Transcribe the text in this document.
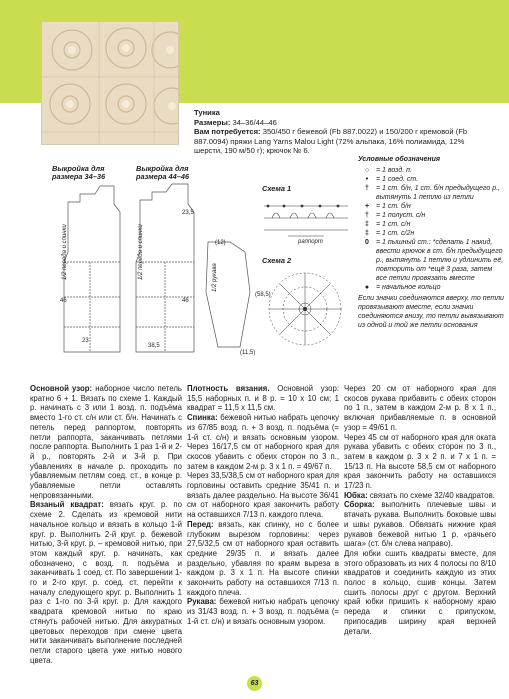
Туника
Размеры: 34–36/44–46
Вам потребуется: 350/450 г бежевой (Fb 887.0022) и 150/200 г кремовой (Fb 887.0094) пряжи Lang Yarns Malou Light (72% альпака, 16% полиамида, 12% шерсти, 190 м/50 г); крючок № 6.
Выкройка для размера 34–36
Выкройка для размера 44–46
1/2 переда и спинки	1/2 переда и спинки	1/2 рукава
23
38,5
46
23,5
46
(58,5)
(12)
(11,5)
Схема 1
раппорт
Схема 2
Условные обозначения
○ = 1 возд. п.
•	= 1 соед. ст.
†	= 1 ст. б/н, 1 ст. б/н предыдущего р., вытянуть 1 петлю из петли
+ = 1 ст. б/н
†	= 1 полуст. с/н
‡	= 1 ст. с/н
‡	= 1 ст. с/2н
0	= 1 пышный ст.: *сделать 1 накид, ввести крючок в ст. б/н предыдущего р., вытянуть 1 петлю и удлинить её, повторить от *ещё 3 раза, затем все петли провязать вместе
● = начальное кольцо
Если значки соединяются вверху, то петли провязывают вместе, если значки соединяются внизу, то петли вывязывают из одной и той же петли основания

Основной узор: наборное число петель кратно 6 + 1. Вязать по схеме 1. Каждый р. начинать с 3 или 1 возд. п. подъёма вместо 1-го ст. с/н или ст. б/н. Начинать с петель перед раппортом, повторять петли раппорта, заканчивать петлями после раппорта. Выполнить 1 раз 1-й и 2-й р., повторять 2-й и 3-й р. При убавлениях в начале р. проходить по убавляемым петлям соед. ст., в конце р. убавляемые петли оставлять непровязанными.

Вязаный квадрат: вязать круг. р. по схеме 2. Сделать из кремовой нити начальное кольцо и вязать в кольцо 1-й круг. р. Выполнить 2-й круг. р. бежевой нитью, 3-й круг. р. – кремовой нитью, при этом каждый круг. р. начинать, как обозначено, с возд. п. подъёма и заканчивать 1 соед. ст. По завершении 1-го и 2-го круг. р. соед. ст. перейти к началу следующего круг. р. Выполнить 1 раз с 1-го по 3-й круг. р. Для каждого квадрата кремовой нитью по краю стянуть рабочей нитью. Для аккуратных цветовых переходов при смене цвета нити заканчивать выполнение последней петли старого цвета уже нитью нового цвета.

Плотность вязания. Основной узор: 15,5 наборных п. и 8 р. = 10 х 10 см; 1 квадрат = 11,5 х 11,5 см.

Спинка: бежевой нитью набрать цепочку из 67/85 возд. п. + 3 возд. п. подъёма (= 1-й ст. с/н) и вязать основным узором. Через 16/17,5 см от наборного края для скосов убавить с обеих сторон по 3 п., затем в каждом 2-м р. 3 х 1 п. = 49/67 п.

Через 33,5/38,5 см от наборного края для горловины оставить средние 35/41 п. и вязать далее раздельно. На высоте 36/41 см от наборного края закончить работу на оставшихся 7/13 п. каждого плеча.

Перед: вязать, как спинку, но с более глубоким вырезом горловины: через 27,5/32,5 см от наборного края оставить средние 29/35 п. и вязать далее раздельно, убавляя по краям выреза в каждом р. 3 х 1 п. На высоте спинки закончить работу на оставшихся 7/13 п. каждого плеча.

Рукава: бежевой нитью набрать цепочку из 31/43 возд. п. + 3 возд. п. подъёма (= 1-й ст. с/н) и вязать основным узором.

Через 20 см от наборного края для скосов рукава прибавить с обеих сторон по 1 п., затем в каждом 2-м р. 8 х 1 п., включая прибавляемые п. в основной узор = 49/61 п.

Через 45 см от наборного края для оката рукава убавить с обеих сторон по 3 п., затем в каждом р. 3 х 2 п. и 7 х 1 п. = 15/13 п. На высоте 58,5 см от наборного края закончить работу на оставшихся 17/23 п.

Юбка: связать по схеме 32/40 квадратов.

Сборка: выполнить плечевые швы и втачать рукава. Выполнить боковые швы и швы рукавов. Обвязать нижние края рукавов бежевой нитью 1 р. «рачьего шага» (ст. б/н слева направо).

Для юбки сшить квадраты вместе, для этого образовать из них 4 полосы по 8/10 квадратов и соединить каждую из этих полос в кольцо, сшив концы. Затем сшить полосы друг с другом. Верхний край юбки пришить к наборному краю переда и спинки с припуском, припосадив ширину края верхней детали.

63
